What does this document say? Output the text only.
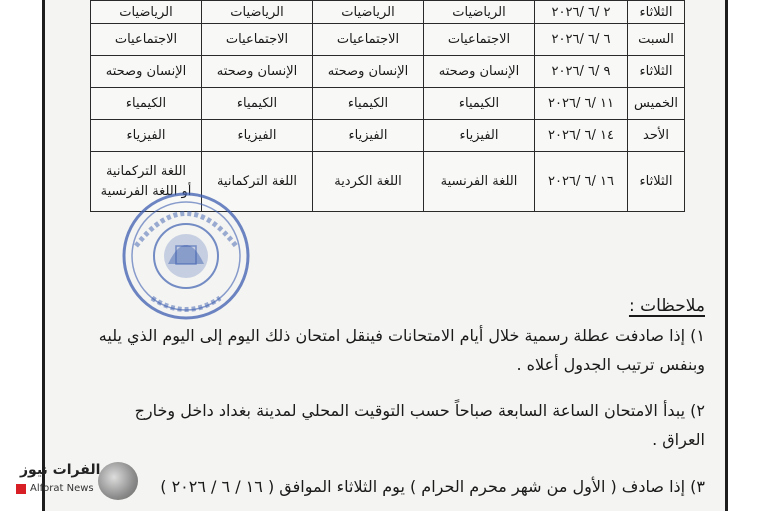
الثلاثاء	٢ /٦ /٢٠٢٦	الرياضيات	الرياضيات	الرياضيات	الرياضيات
السبت	٦ /٦ /٢٠٢٦	الاجتماعيات	الاجتماعيات	الاجتماعيات	الاجتماعيات
الثلاثاء	٩ /٦ /٢٠٢٦	الإنسان وصحته	الإنسان وصحته	الإنسان وصحته	الإنسان وصحته
الخميس	١١ /٦ /٢٠٢٦	الكيمياء	الكيمياء	الكيمياء	الكيمياء
الأحد	١٤ /٦ /٢٠٢٦	الفيزياء	الفيزياء	الفيزياء	الفيزياء
الثلاثاء	١٦ /٦ /٢٠٢٦	اللغة الفرنسية	اللغة الكردية	اللغة التركمانية	اللغة التركمانية
أو اللغة الفرنسية
ملاحظات :
١) إذا صادفت عطلة رسمية خلال أيام الامتحانات فينقل امتحان ذلك اليوم إلى اليوم الذي يليه
وبنفس ترتيب الجدول أعلاه .
٢) يبدأ الامتحان الساعة السابعة صباحاً حسب التوقيت المحلي لمدينة بغداد داخل وخارج
العراق .
٣) إذا صادف ( الأول من شهر محرم الحرام ) يوم الثلاثاء الموافق ( ١٦ / ٦ / ٢٠٢٦ )
الفرات نيوز
Alforat News
